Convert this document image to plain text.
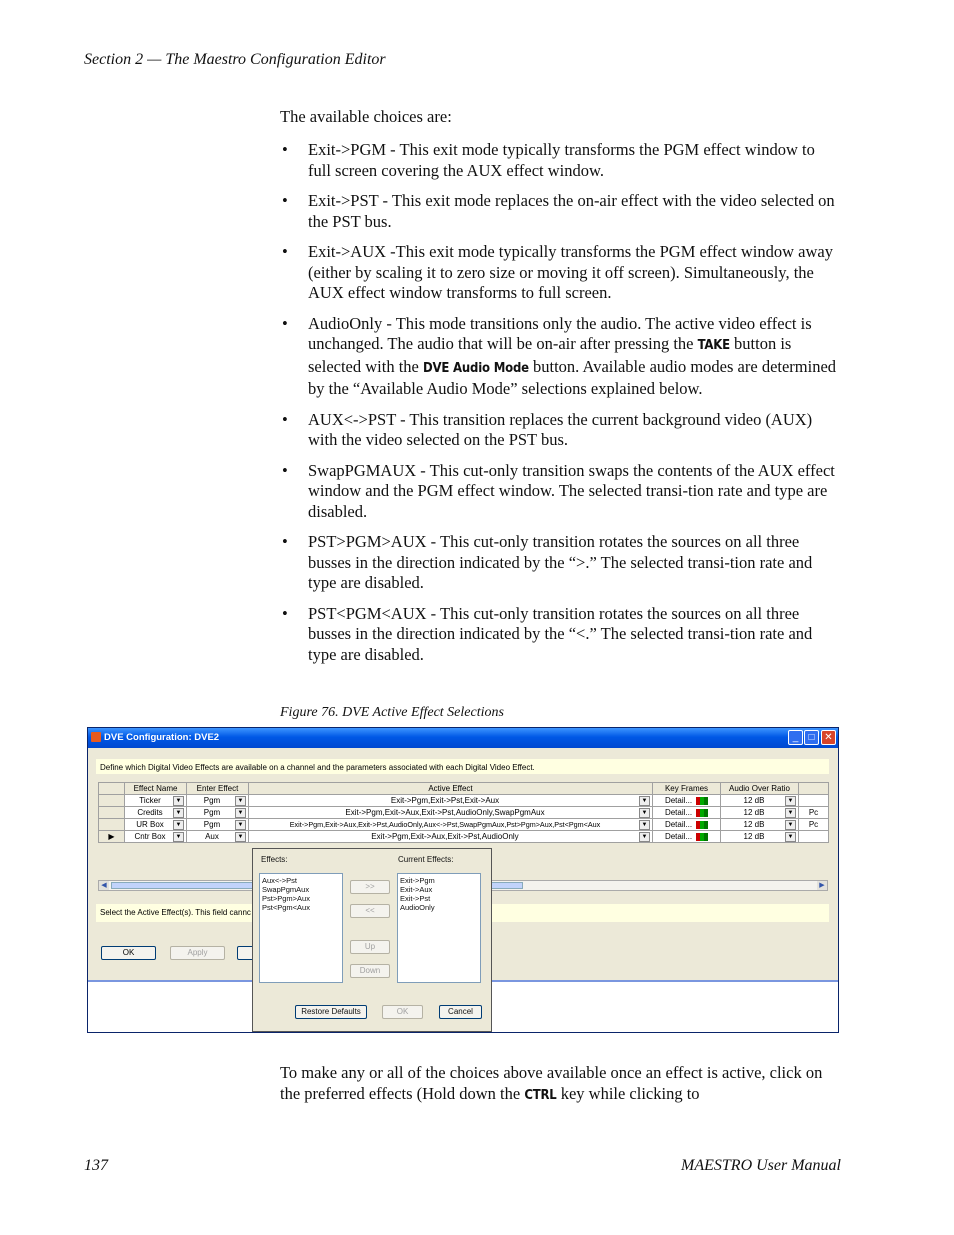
Section 2 — The Maestro Configuration Editor
The available choices are:
• Exit->PGM - This exit mode typically transforms the PGM effect window to full screen covering the AUX effect window.
• Exit->PST - This exit mode replaces the on-air effect with the video selected on the PST bus.
• Exit->AUX -This exit mode typically transforms the PGM effect window away (either by scaling it to zero size or moving it off screen). Simultaneously, the AUX effect window transforms to full screen.
• AudioOnly - This mode transitions only the audio. The active video effect is unchanged. The audio that will be on-air after pressing the TAKE button is selected with the DVE Audio Mode button. Available audio modes are determined by the “Available Audio Mode” selections explained below.
• AUX<->PST - This transition replaces the current background video (AUX) with the video selected on the PST bus.
• SwapPGMAUX - This cut-only transition swaps the contents of the AUX effect window and the PGM effect window. The selected transi-tion rate and type are disabled.
• PST>PGM>AUX - This cut-only transition rotates the sources on all three busses in the direction indicated by the “>.” The selected transi-tion rate and type are disabled.
• PST<PGM<AUX - This cut-only transition rotates the sources on all three busses in the direction indicated by the “<.” The selected transi-tion rate and type are disabled.
Figure 76. DVE Active Effect Selections
DVE Configuration: DVE2	_	□ ✕
Define which Digital Video Effects are available on a channel and the parameters associated with each Digital Video Effect.
	Effect Name	Enter Effect	Active Effect	Key Frames	Audio Over Ratio	
	Ticker ▼	Pgm ▼	Exit->Pgm,Exit->Pst,Exit->Aux ▼	Detail...	12 dB ▼	

	Credits ▼	Pgm ▼	Exit->Pgm,Exit->Aux,Exit->Pst,AudioOnly,SwapPgmAux ▼	Detail...	12 dB ▼	Pc
	UR Box ▼	Pgm ▼	Exit->Pgm,Exit->Aux,Exit->Pst,AudioOnly,Aux<->Pst,SwapPgmAux,Pst>Pgm>Aux,Pst<Pgm<Aux ▼	Detail...	12 dB ▼	Pc
▶	Cntr Box ▼	Aux ▼	Exit->Pgm,Exit->Aux,Exit->Pst,AudioOnly ▼	Detail...	12 dB ▼	

◀	▶
Select the Active Effect(s). This field cannc
OK	Apply
Effects:	Current Effects:
Aux<->Pst
SwapPgmAux
Pst>Pgm>Aux
Pst<Pgm<Aux
Exit->Pgm
Exit->Aux
Exit->Pst
AudioOnly
>>
<<
Up
Down
Restore Defaults	OK	Cancel
To make any or all of the choices above available once an effect is active, click on the preferred effects (Hold down the CTRL key while clicking to
137	MAESTRO User Manual
